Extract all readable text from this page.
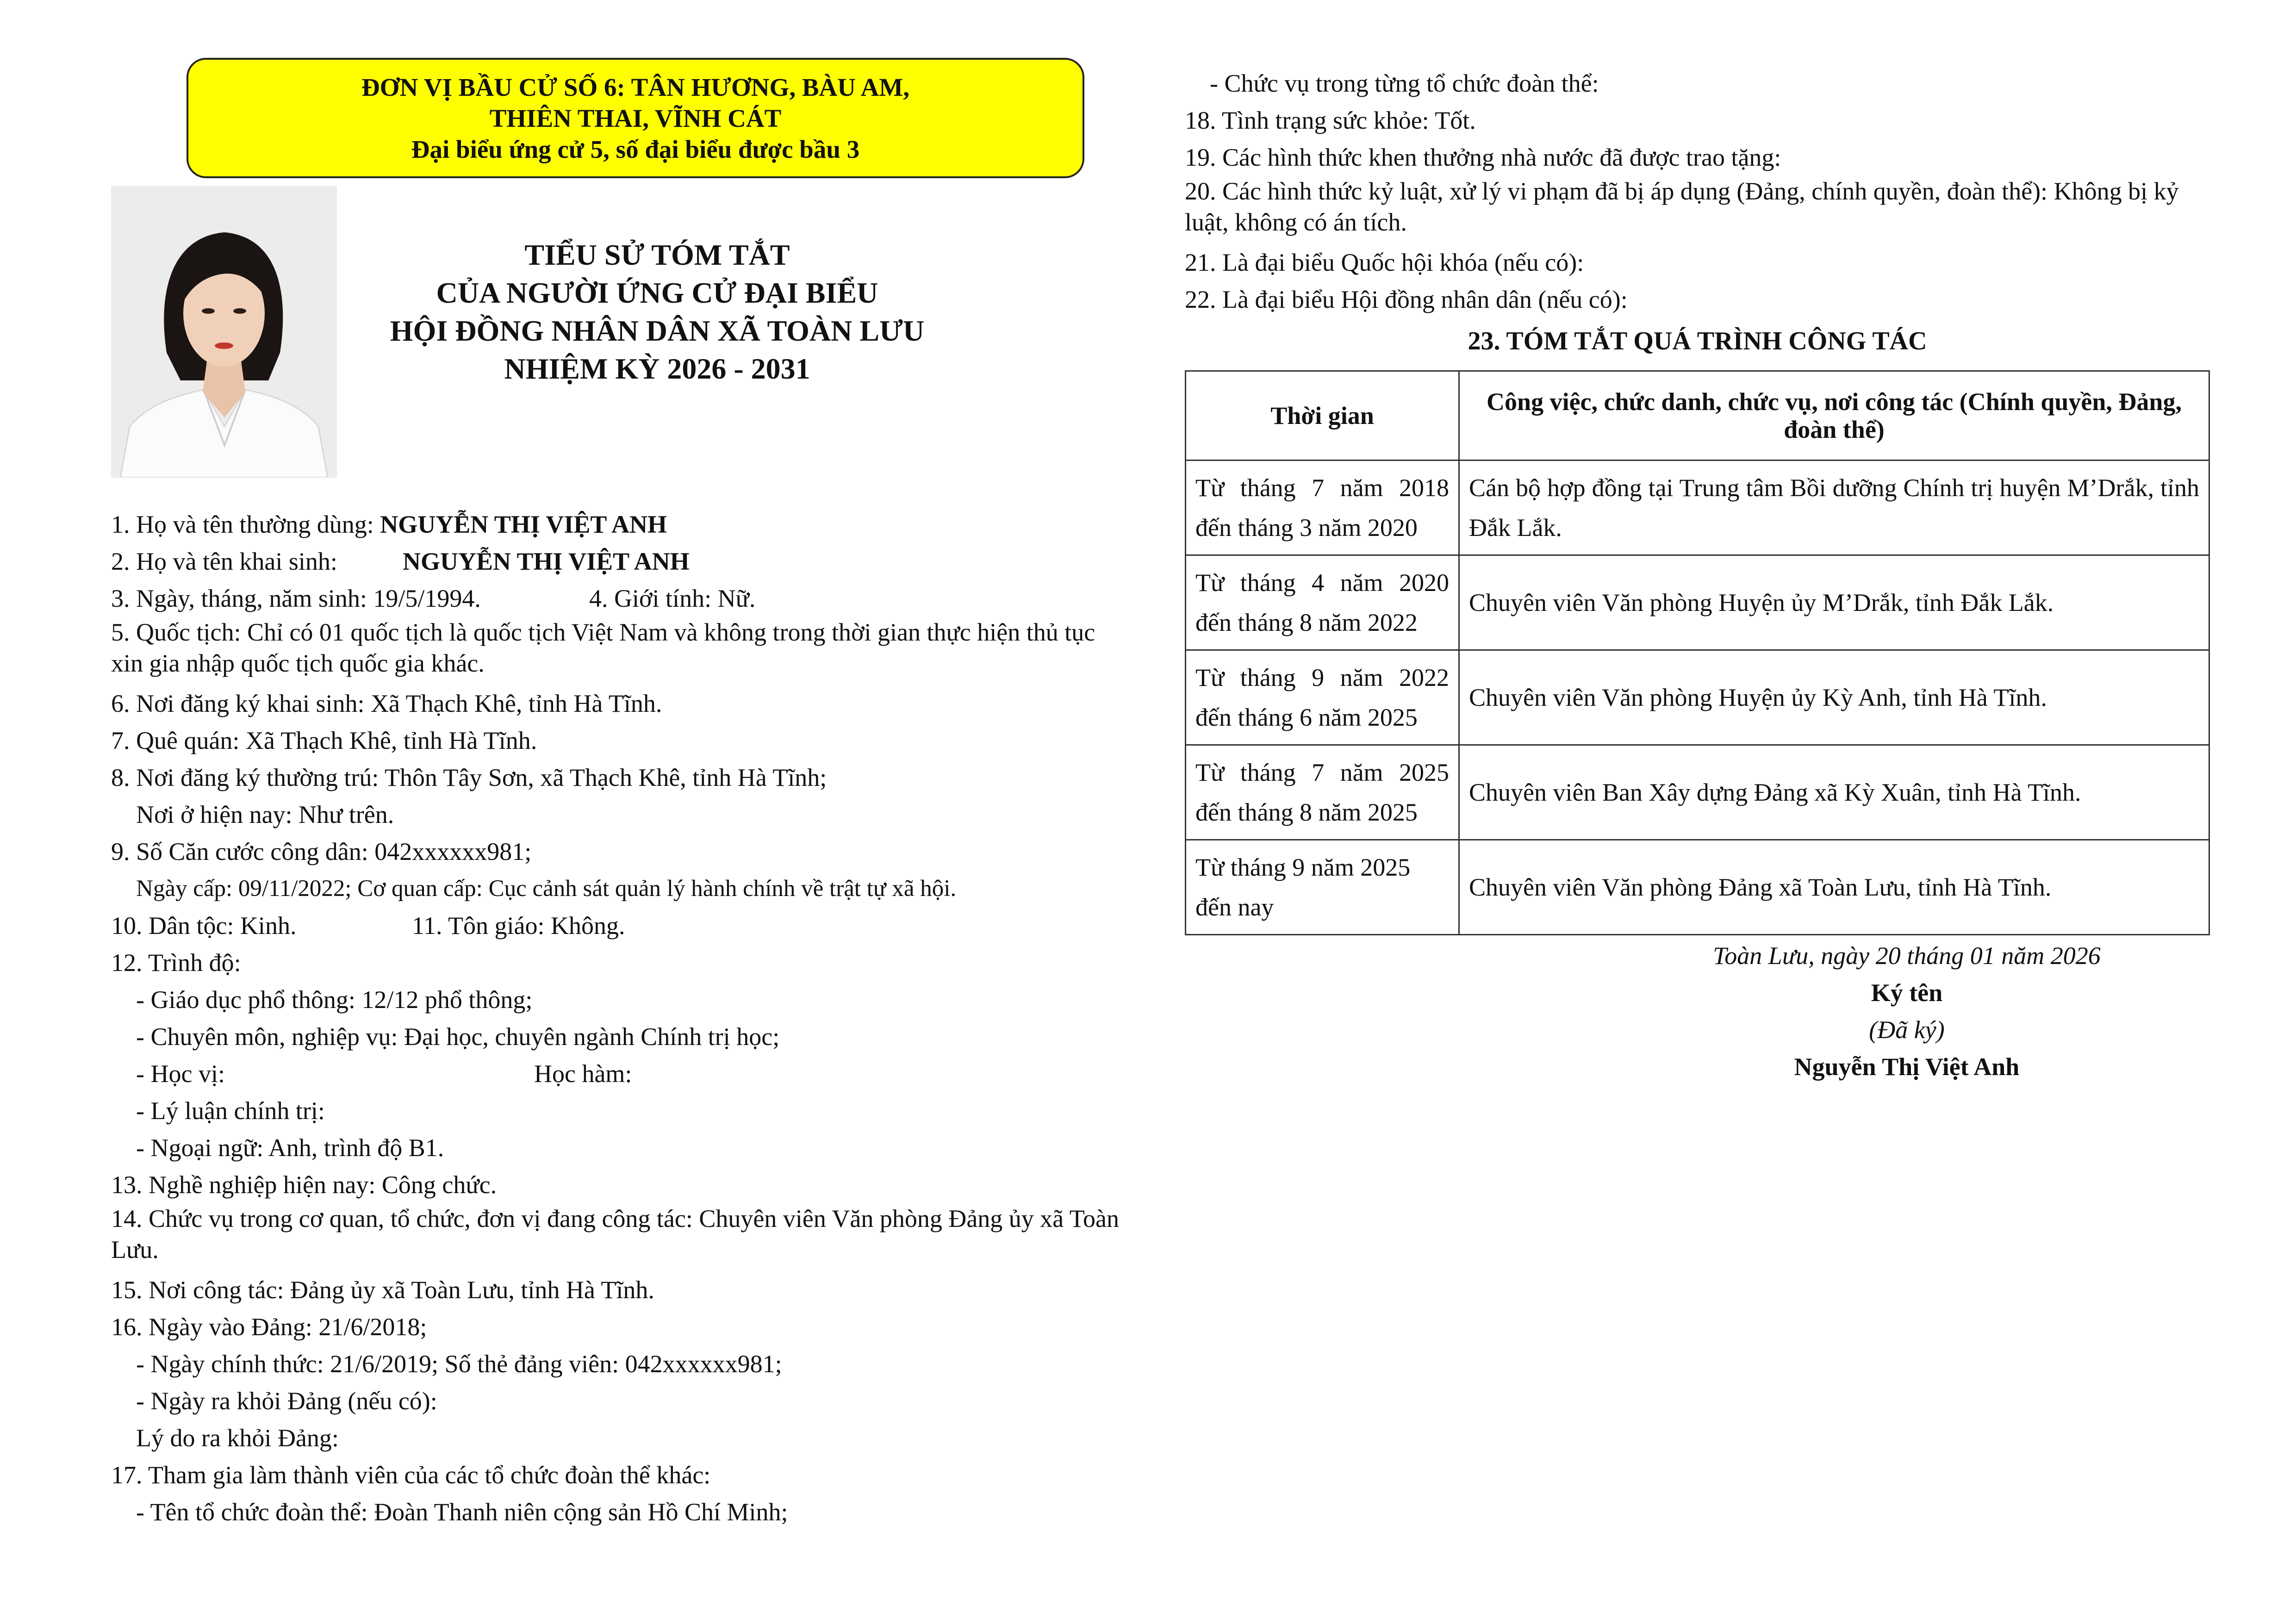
ĐƠN VỊ BẦU CỬ SỐ 6: TÂN HƯƠNG, BÀU AM,
THIÊN THAI, VĨNH CÁT
Đại biểu ứng cử 5, số đại biểu được bầu 3
TIỂU SỬ TÓM TẮT
CỦA NGƯỜI ỨNG CỬ ĐẠI BIỂU
HỘI ĐỒNG NHÂN DÂN XÃ TOÀN LƯU
NHIỆM KỲ 2026 - 2031
1. Họ và tên thường dùng: NGUYỄN THỊ VIỆT ANH
2. Họ và tên khai sinh:	NGUYỄN THỊ VIỆT ANH
3. Ngày, tháng, năm sinh: 19/5/1994.	4. Giới tính: Nữ.
5. Quốc tịch: Chỉ có 01 quốc tịch là quốc tịch Việt Nam và không trong thời gian thực hiện thủ tục xin gia nhập quốc tịch quốc gia khác.
6. Nơi đăng ký khai sinh: Xã Thạch Khê, tỉnh Hà Tĩnh.
7. Quê quán: Xã Thạch Khê, tỉnh Hà Tĩnh.
8. Nơi đăng ký thường trú: Thôn Tây Sơn, xã Thạch Khê, tỉnh Hà Tĩnh;
Nơi ở hiện nay: Như trên.
9. Số Căn cước công dân: 042xxxxxx981;
Ngày cấp: 09/11/2022; Cơ quan cấp: Cục cảnh sát quản lý hành chính về trật tự xã hội.
10. Dân tộc: Kinh.	11. Tôn giáo: Không.
12. Trình độ:
- Giáo dục phổ thông: 12/12 phổ thông;
- Chuyên môn, nghiệp vụ: Đại học, chuyên ngành Chính trị học;
- Học vị:	Học hàm:
- Lý luận chính trị:
- Ngoại ngữ: Anh, trình độ B1.
13. Nghề nghiệp hiện nay: Công chức.
14. Chức vụ trong cơ quan, tổ chức, đơn vị đang công tác: Chuyên viên Văn phòng Đảng ủy xã Toàn Lưu.
15. Nơi công tác: Đảng ủy xã Toàn Lưu, tỉnh Hà Tĩnh.
16. Ngày vào Đảng: 21/6/2018;
- Ngày chính thức: 21/6/2019; Số thẻ đảng viên: 042xxxxxx981;
- Ngày ra khỏi Đảng (nếu có):
Lý do ra khỏi Đảng:
17. Tham gia làm thành viên của các tổ chức đoàn thể khác:
- Tên tổ chức đoàn thể: Đoàn Thanh niên cộng sản Hồ Chí Minh;
- Chức vụ trong từng tổ chức đoàn thể:
18. Tình trạng sức khỏe: Tốt.
19. Các hình thức khen thưởng nhà nước đã được trao tặng:
20. Các hình thức kỷ luật, xử lý vi phạm đã bị áp dụng (Đảng, chính quyền, đoàn thể): Không bị kỷ luật, không có án tích.
21. Là đại biểu Quốc hội khóa (nếu có):
22. Là đại biểu Hội đồng nhân dân (nếu có):
23. TÓM TẮT QUÁ TRÌNH CÔNG TÁC
Thời gian	Công việc, chức danh, chức vụ, nơi công tác (Chính quyền, Đảng, đoàn thể)
Từ tháng 7 năm 2018 đến tháng 3 năm 2020	Cán bộ hợp đồng tại Trung tâm Bồi dưỡng Chính trị huyện M’Drắk, tỉnh Đắk Lắk.
Từ tháng 4 năm 2020 đến tháng 8 năm 2022	Chuyên viên Văn phòng Huyện ủy M’Drắk, tỉnh Đắk Lắk.
Từ tháng 9 năm 2022 đến tháng 6 năm 2025	Chuyên viên Văn phòng Huyện ủy Kỳ Anh, tỉnh Hà Tĩnh.
Từ tháng 7 năm 2025 đến tháng 8 năm 2025	Chuyên viên Ban Xây dựng Đảng xã Kỳ Xuân, tỉnh Hà Tĩnh.
Từ tháng 9 năm 2025 đến nay	Chuyên viên Văn phòng Đảng xã Toàn Lưu, tỉnh Hà Tĩnh.
Toàn Lưu, ngày 20 tháng 01 năm 2026
Ký tên
(Đã ký)
Nguyễn Thị Việt Anh
